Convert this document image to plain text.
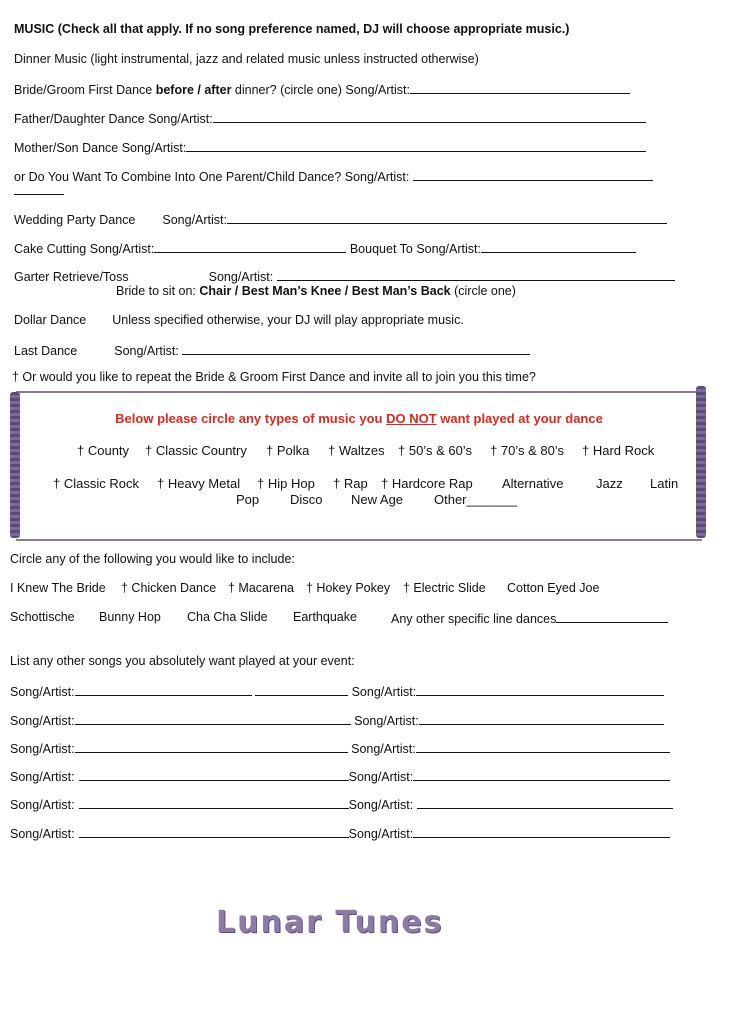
MUSIC (Check all that apply. If no song preference named, DJ will choose appropriate music.)
Dinner Music (light instrumental, jazz and related music unless instructed otherwise)
Bride/Groom First Dance before / after dinner? (circle one) Song/Artist:
Father/Daughter Dance Song/Artist:
Mother/Son Dance Song/Artist:
or Do You Want To Combine Into One Parent/Child Dance? Song/Artist:
Wedding Party Dance Song/Artist:
Cake Cutting Song/Artist:	Bouquet To Song/Artist:
Garter Retrieve/Toss	Song/Artist:
Bride to sit on: Chair / Best Man’s Knee / Best Man’s Back (circle one)
Dollar Dance Unless specified otherwise, your DJ will play appropriate music.
Last Dance	Song/Artist:
† Or would you like to repeat the Bride & Groom First Dance and invite all to join you this time?
Below please circle any types of music you DO NOT want played at your dance
† County † Classic Country † Polka † Waltzes † 50’s & 60’s † 70’s & 80’s † Hard Rock
† Classic Rock † Heavy Metal † Hip Hop † Rap † Hardcore Rap Alternative	Jazz Latin
Pop Disco New Age Other_______
Circle any of the following you would like to include:
I Knew The Bride † Chicken Dance † Macarena † Hokey Pokey † Electric Slide Cotton Eyed Joe
Schottische Bunny Hop Cha Cha Slide Earthquake	Any other specific line dances
List any other songs you absolutely want played at your event:
Song/Artist:	Song/Artist:
Song/Artist:	Song/Artist:
Song/Artist:	Song/Artist:
Song/Artist:	Song/Artist:
Song/Artist:	Song/Artist:
Song/Artist:	Song/Artist:
Lunar Tunes
